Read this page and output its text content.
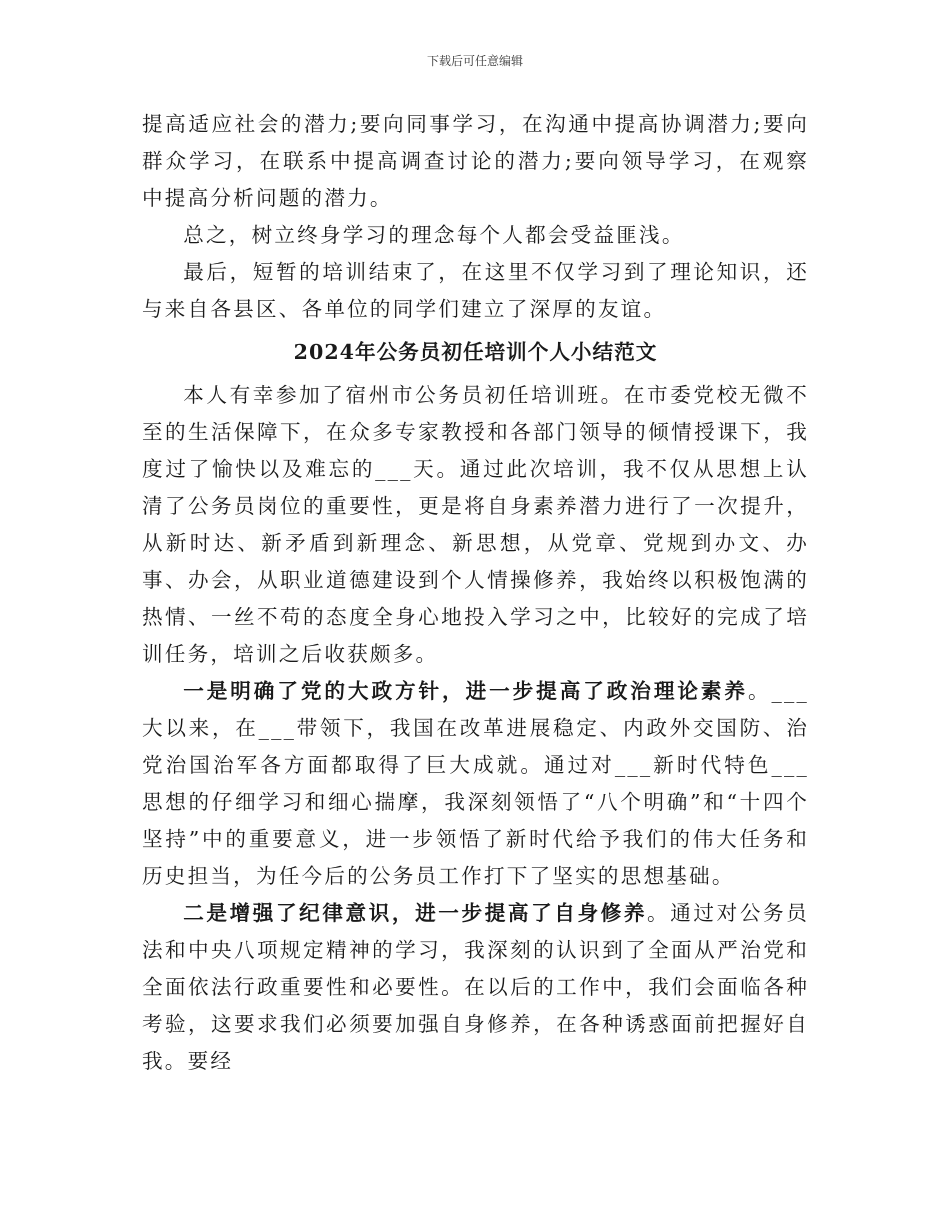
下载后可任意编辑

提高适应社会的潜力;要向同事学习，在沟通中提高协调潜力;要向群众学习，在联系中提高调查讨论的潜力;要向领导学习，在观察中提高分析问题的潜力。

总之，树立终身学习的理念每个人都会受益匪浅。

最后，短暂的培训结束了，在这里不仅学习到了理论知识，还与来自各县区、各单位的同学们建立了深厚的友谊。

2024年公务员初任培训个人小结范文

本人有幸参加了宿州市公务员初任培训班。在市委党校无微不至的生活保障下，在众多专家教授和各部门领导的倾情授课下，我度过了愉快以及难忘的___天。通过此次培训，我不仅从思想上认清了公务员岗位的重要性，更是将自身素养潜力进行了一次提升，从新时达、新矛盾到新理念、新思想，从党章、党规到办文、办事、办会，从职业道德建设到个人情操修养，我始终以积极饱满的热情、一丝不苟的态度全身心地投入学习之中，比较好的完成了培训任务，培训之后收获颇多。

一是明确了党的大政方针，进一步提高了政治理论素养。___大以来，在___带领下，我国在改革进展稳定、内政外交国防、治党治国治军各方面都取得了巨大成就。通过对___新时代特色___思想的仔细学习和细心揣摩，我深刻领悟了“八个明确”和“十四个坚持”中的重要意义，进一步领悟了新时代给予我们的伟大任务和历史担当，为任今后的公务员工作打下了坚实的思想基础。

二是增强了纪律意识，进一步提高了自身修养。通过对公务员法和中央八项规定精神的学习，我深刻的认识到了全面从严治党和全面依法行政重要性和必要性。在以后的工作中，我们会面临各种考验，这要求我们必须要加强自身修养，在各种诱惑面前把握好自我。要经
